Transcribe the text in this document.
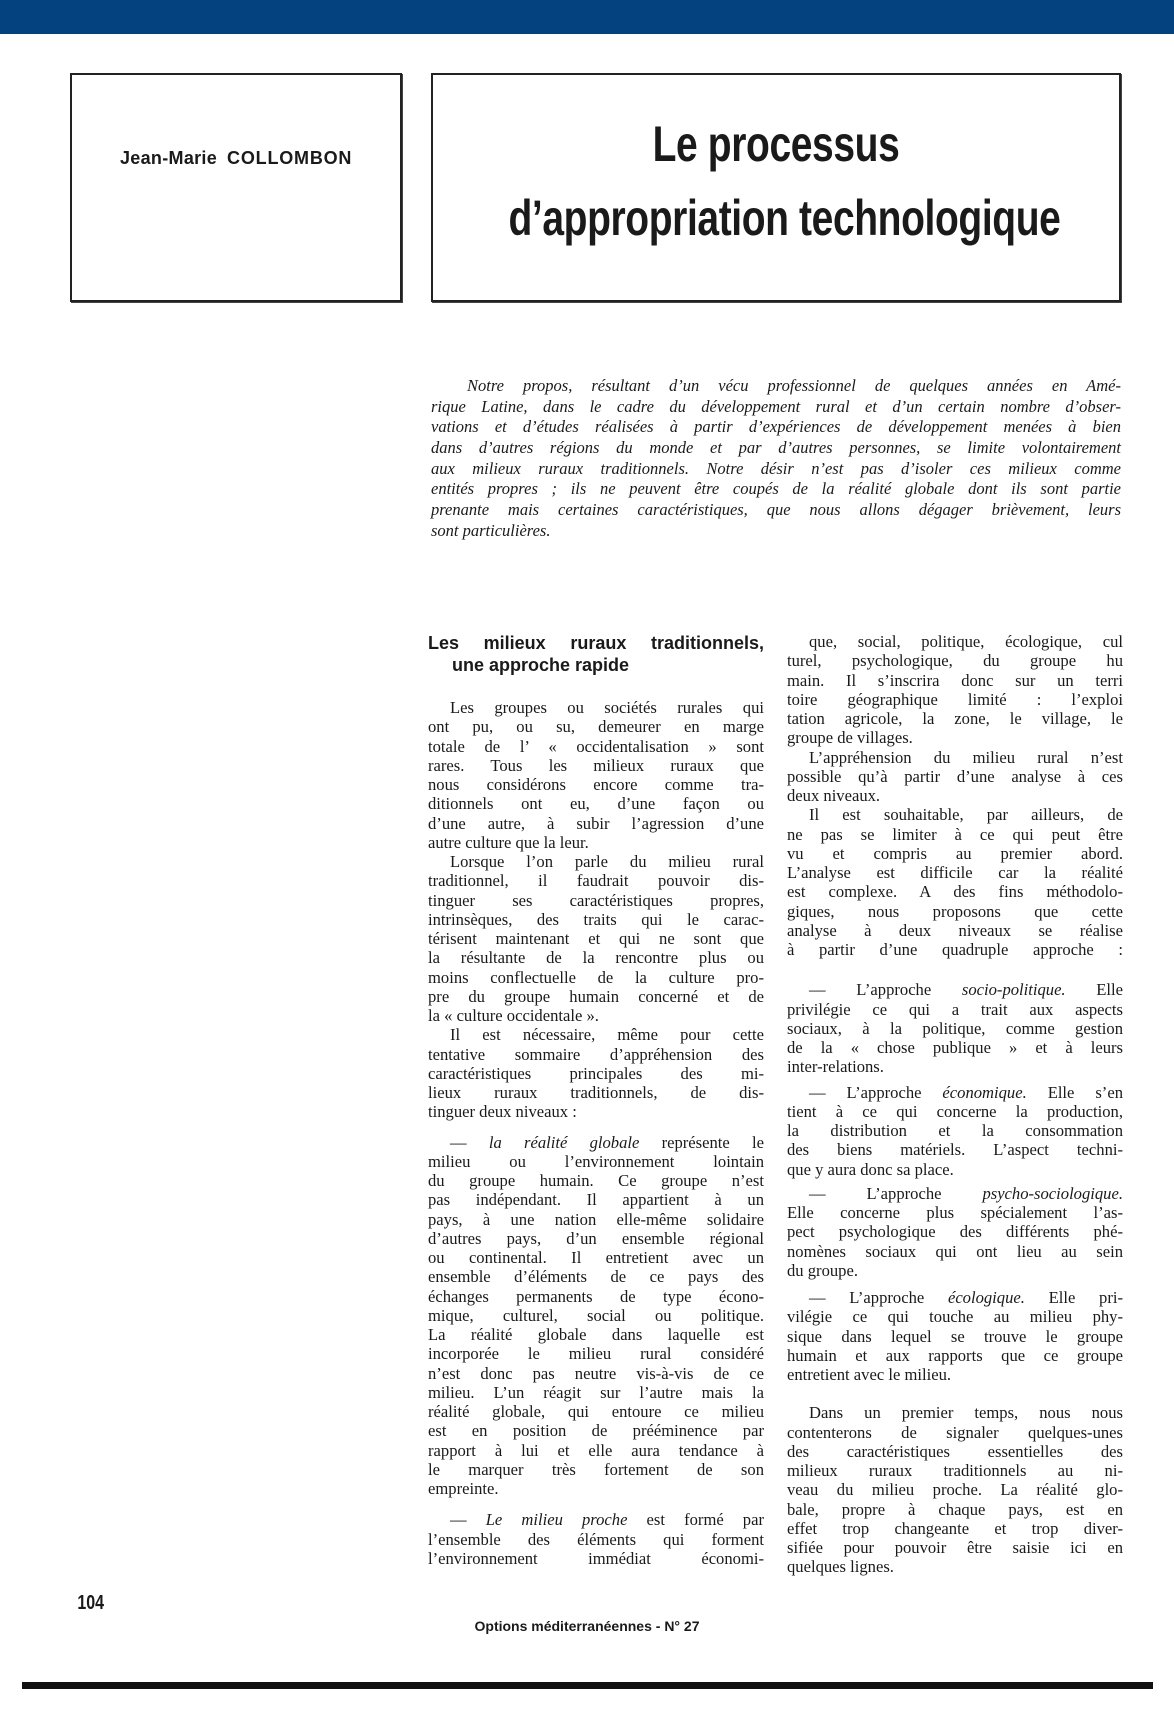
Jean-Marie COLLOMBON	Le processus
d’appropriation technologique
Notre propos, résultant d’un vécu professionnel de quelques années en Amé-
rique Latine, dans le cadre du développement rural et d’un certain nombre d’obser-
vations et d’études réalisées à partir d’expériences de développement menées à bien
dans d’autres régions du monde et par d’autres personnes, se limite volontairement
aux milieux ruraux traditionnels. Notre désir n’est pas d’isoler ces milieux comme
entités propres ; ils ne peuvent être coupés de la réalité globale dont ils sont partie
prenante mais certaines caractéristiques, que nous allons dégager brièvement, leurs
sont particulières.
Les milieux ruraux traditionnels,
une approche rapide
Les groupes ou sociétés rurales qui
ont pu, ou su, demeurer en marge
totale de l’ « occidentalisation » sont
rares. Tous les milieux ruraux que
nous considérons encore comme tra-
ditionnels ont eu, d’une façon ou
d’une autre, à subir l’agression d’une
autre culture que la leur.
Lorsque l’on parle du milieu rural
traditionnel, il faudrait pouvoir dis-
tinguer ses caractéristiques propres,
intrinsèques, des traits qui le carac-
térisent maintenant et qui ne sont que
la résultante de la rencontre plus ou
moins conflectuelle de la culture pro-
pre du groupe humain concerné et de
la « culture occidentale ».
Il est nécessaire, même pour cette
tentative sommaire d’appréhension des
caractéristiques principales des mi-
lieux ruraux traditionnels, de dis-
tinguer deux niveaux :
— la réalité globale représente le
milieu ou l’environnement lointain
du groupe humain. Ce groupe n’est
pas indépendant. Il appartient à un
pays, à une nation elle-même solidaire
d’autres pays, d’un ensemble régional
ou continental. Il entretient avec un
ensemble d’éléments de ce pays des
échanges permanents de type écono-
mique, culturel, social ou politique.
La réalité globale dans laquelle est
incorporée le milieu rural considéré
n’est donc pas neutre vis-à-vis de ce
milieu. L’un réagit sur l’autre mais la
réalité globale, qui entoure ce milieu
est en position de prééminence par
rapport à lui et elle aura tendance à
le marquer très fortement de son
empreinte.
— Le milieu proche est formé par
l’ensemble des éléments qui forment
l’environnement immédiat économi-
que, social, politique, écologique, cul
turel, psychologique, du groupe hu
main. Il s’inscrira donc sur un terri
toire géographique limité : l’exploi
tation agricole, la zone, le village, le
groupe de villages.
L’appréhension du milieu rural n’est
possible qu’à partir d’une analyse à ces
deux niveaux.
Il est souhaitable, par ailleurs, de
ne pas se limiter à ce qui peut être
vu et compris au premier abord.
L’analyse est difficile car la réalité
est complexe. A des fins méthodolo-
giques, nous proposons que cette
analyse à deux niveaux se réalise
à partir d’une quadruple approche :
— L’approche socio-politique. Elle
privilégie ce qui a trait aux aspects
sociaux, à la politique, comme gestion
de la « chose publique » et à leurs
inter-relations.
— L’approche économique. Elle s’en
tient à ce qui concerne la production,
la distribution et la consommation
des biens matériels. L’aspect techni-
que y aura donc sa place.
— L’approche psycho-sociologique.
Elle concerne plus spécialement l’as-
pect psychologique des différents phé-
nomènes sociaux qui ont lieu au sein
du groupe.
— L’approche écologique. Elle pri-
vilégie ce qui touche au milieu phy-
sique dans lequel se trouve le groupe
humain et aux rapports que ce groupe
entretient avec le milieu.
Dans un premier temps, nous nous
contenterons de signaler quelques-unes
des caractéristiques essentielles des
milieux ruraux traditionnels au ni-
veau du milieu proche. La réalité glo-
bale, propre à chaque pays, est en
effet trop changeante et trop diver-
sifiée pour pouvoir être saisie ici en
quelques lignes.
104
Options méditerranéennes - N° 27
